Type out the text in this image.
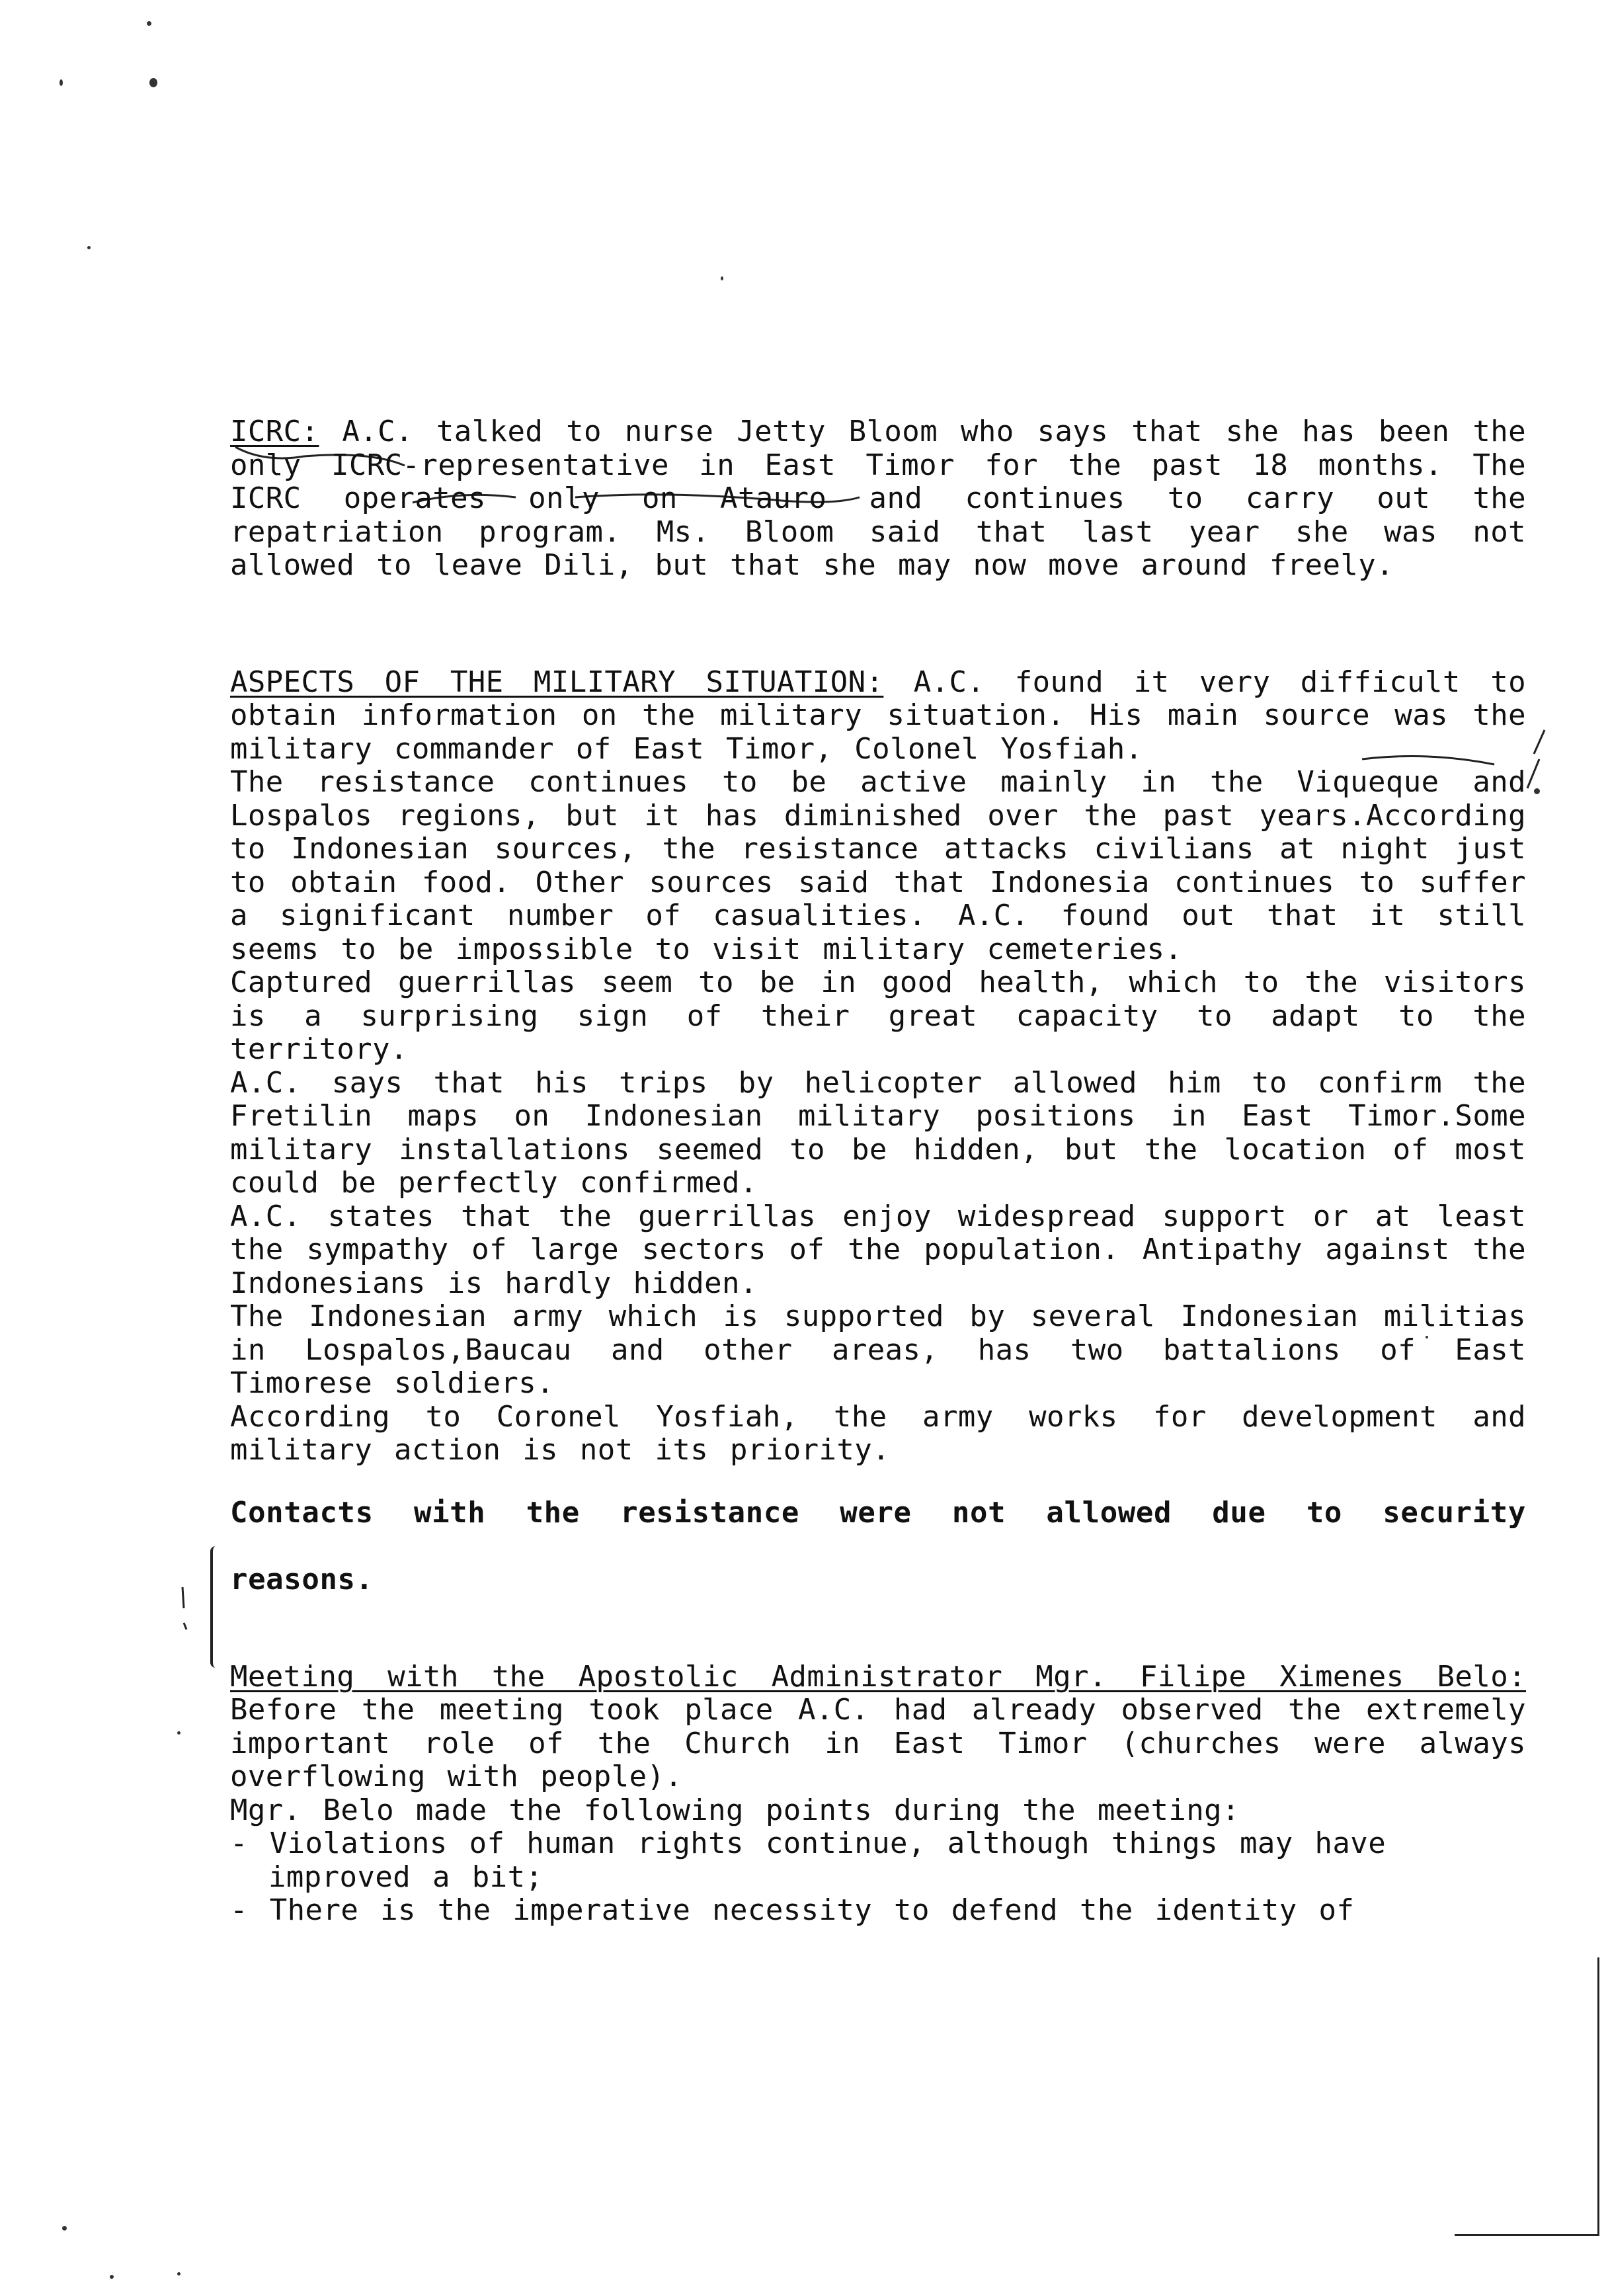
ICRC: A.C. talked to nurse Jetty Bloom who says that she has been the only ICRC-representative in East Timor for the past 18 months. The ICRC operates only on Atauro and continues to carry out the repatriation program. Ms. Bloom said that last year she was not allowed to leave Dili, but that she may now move around freely.

ASPECTS OF THE MILITARY SITUATION: A.C. found it very difficult to obtain information on the military situation. His main source was the military commander of East Timor, Colonel Yosfiah.

The resistance continues to be active mainly in the Viqueque and Lospalos regions, but it has diminished over the past years.According to Indonesian sources, the resistance attacks civilians at night just to obtain food. Other sources said that Indonesia continues to suffer a significant number of casualities. A.C. found out that it still seems to be impossible to visit military cemeteries.

Captured guerrillas seem to be in good health, which to the visitors is a surprising sign of their great capacity to adapt to the territory.

A.C. says that his trips by helicopter allowed him to confirm the Fretilin maps on Indonesian military positions in East Timor.Some military installations seemed to be hidden, but the location of most could be perfectly confirmed.

A.C. states that the guerrillas enjoy widespread support or at least the sympathy of large sectors of the population. Antipathy against the Indonesians is hardly hidden.

The Indonesian army which is supported by several Indonesian militias in Lospalos,Baucau and other areas, has two battalions of East Timorese soldiers.

According to Coronel Yosfiah, the army works for development and military action is not its priority.

Contacts with the resistance were not allowed due to security reasons.

Meeting with the Apostolic Administrator Mgr. Filipe Ximenes Belo: Before the meeting took place A.C. had already observed the extremely important role of the Church in East Timor (churches were always overflowing with people).

Mgr. Belo made the following points during the meeting:

- Violations of human rights continue, although things may have improved a bit;

- There is the imperative necessity to defend the identity of
